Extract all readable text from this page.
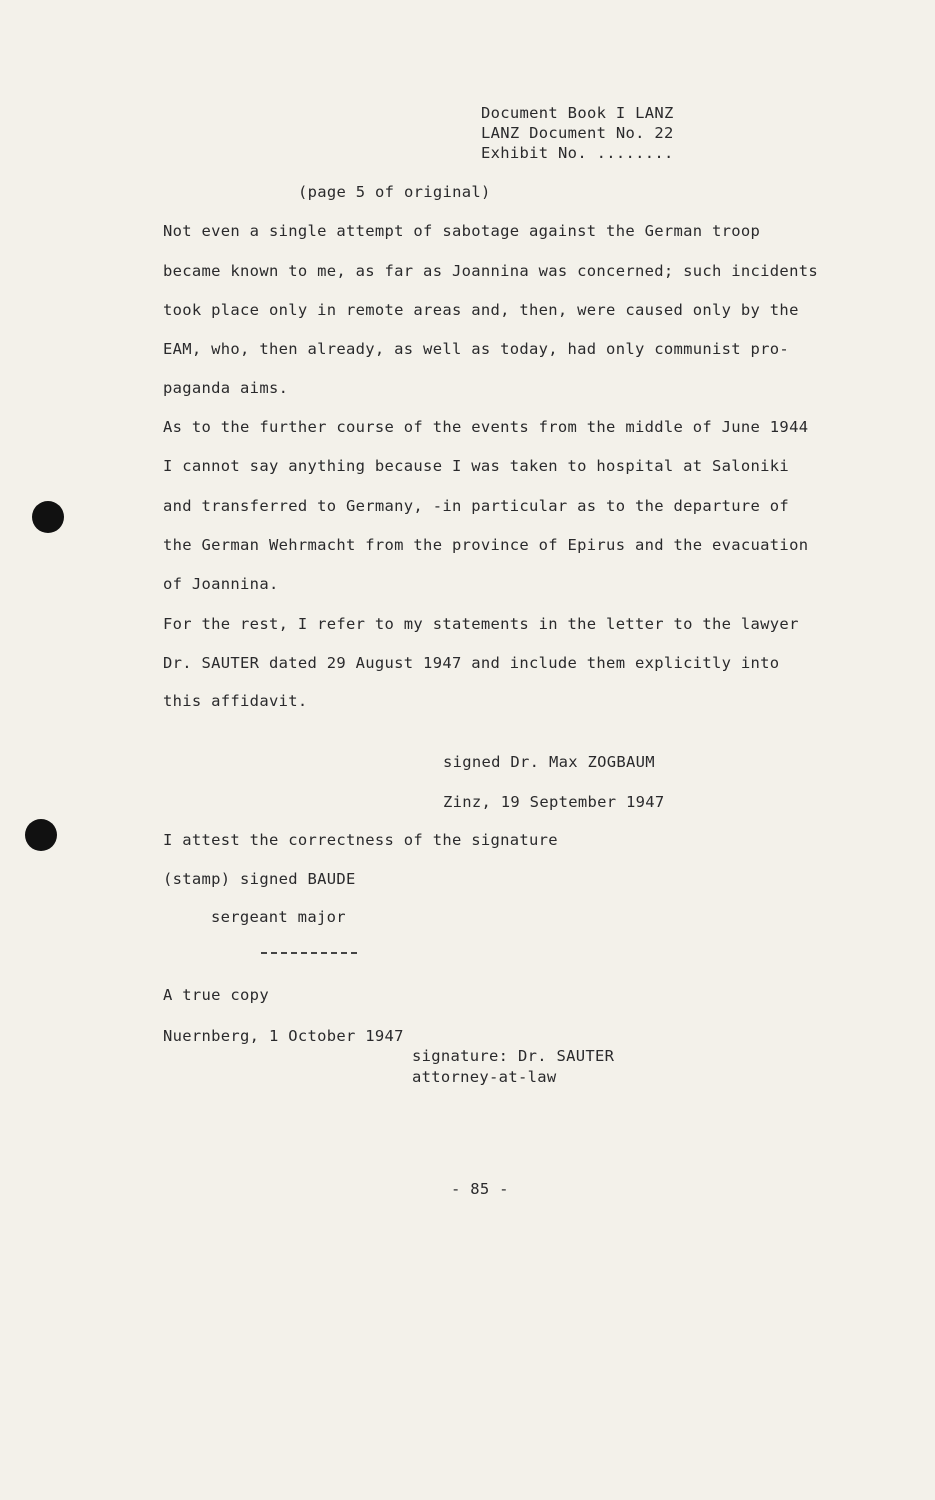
Document Book I LANZ
LANZ Document No. 22
Exhibit No. ........
(page 5 of original)
Not even a single attempt of sabotage against the German troop
became known to me, as far as Joannina was concerned; such incidents
took place only in remote areas and, then, were caused only by the
EAM, who, then already, as well as today, had only communist pro-
paganda aims.
As to the further course of the events from the middle of June 1944
I cannot say anything because I was taken to hospital at Saloniki
and transferred to Germany, -in particular as to the departure of
the German Wehrmacht from the province of Epirus and the evacuation
of Joannina.
For the rest, I refer to my statements in the letter to the lawyer
Dr. SAUTER dated 29 August 1947 and include them explicitly into
this affidavit.
signed Dr. Max ZOGBAUM
Zinz, 19 September 1947
I attest the correctness of the signature
(stamp) signed BAUDE
sergeant major
A true copy
Nuernberg, 1 October 1947
signature: Dr. SAUTER
attorney-at-law
- 85 -
